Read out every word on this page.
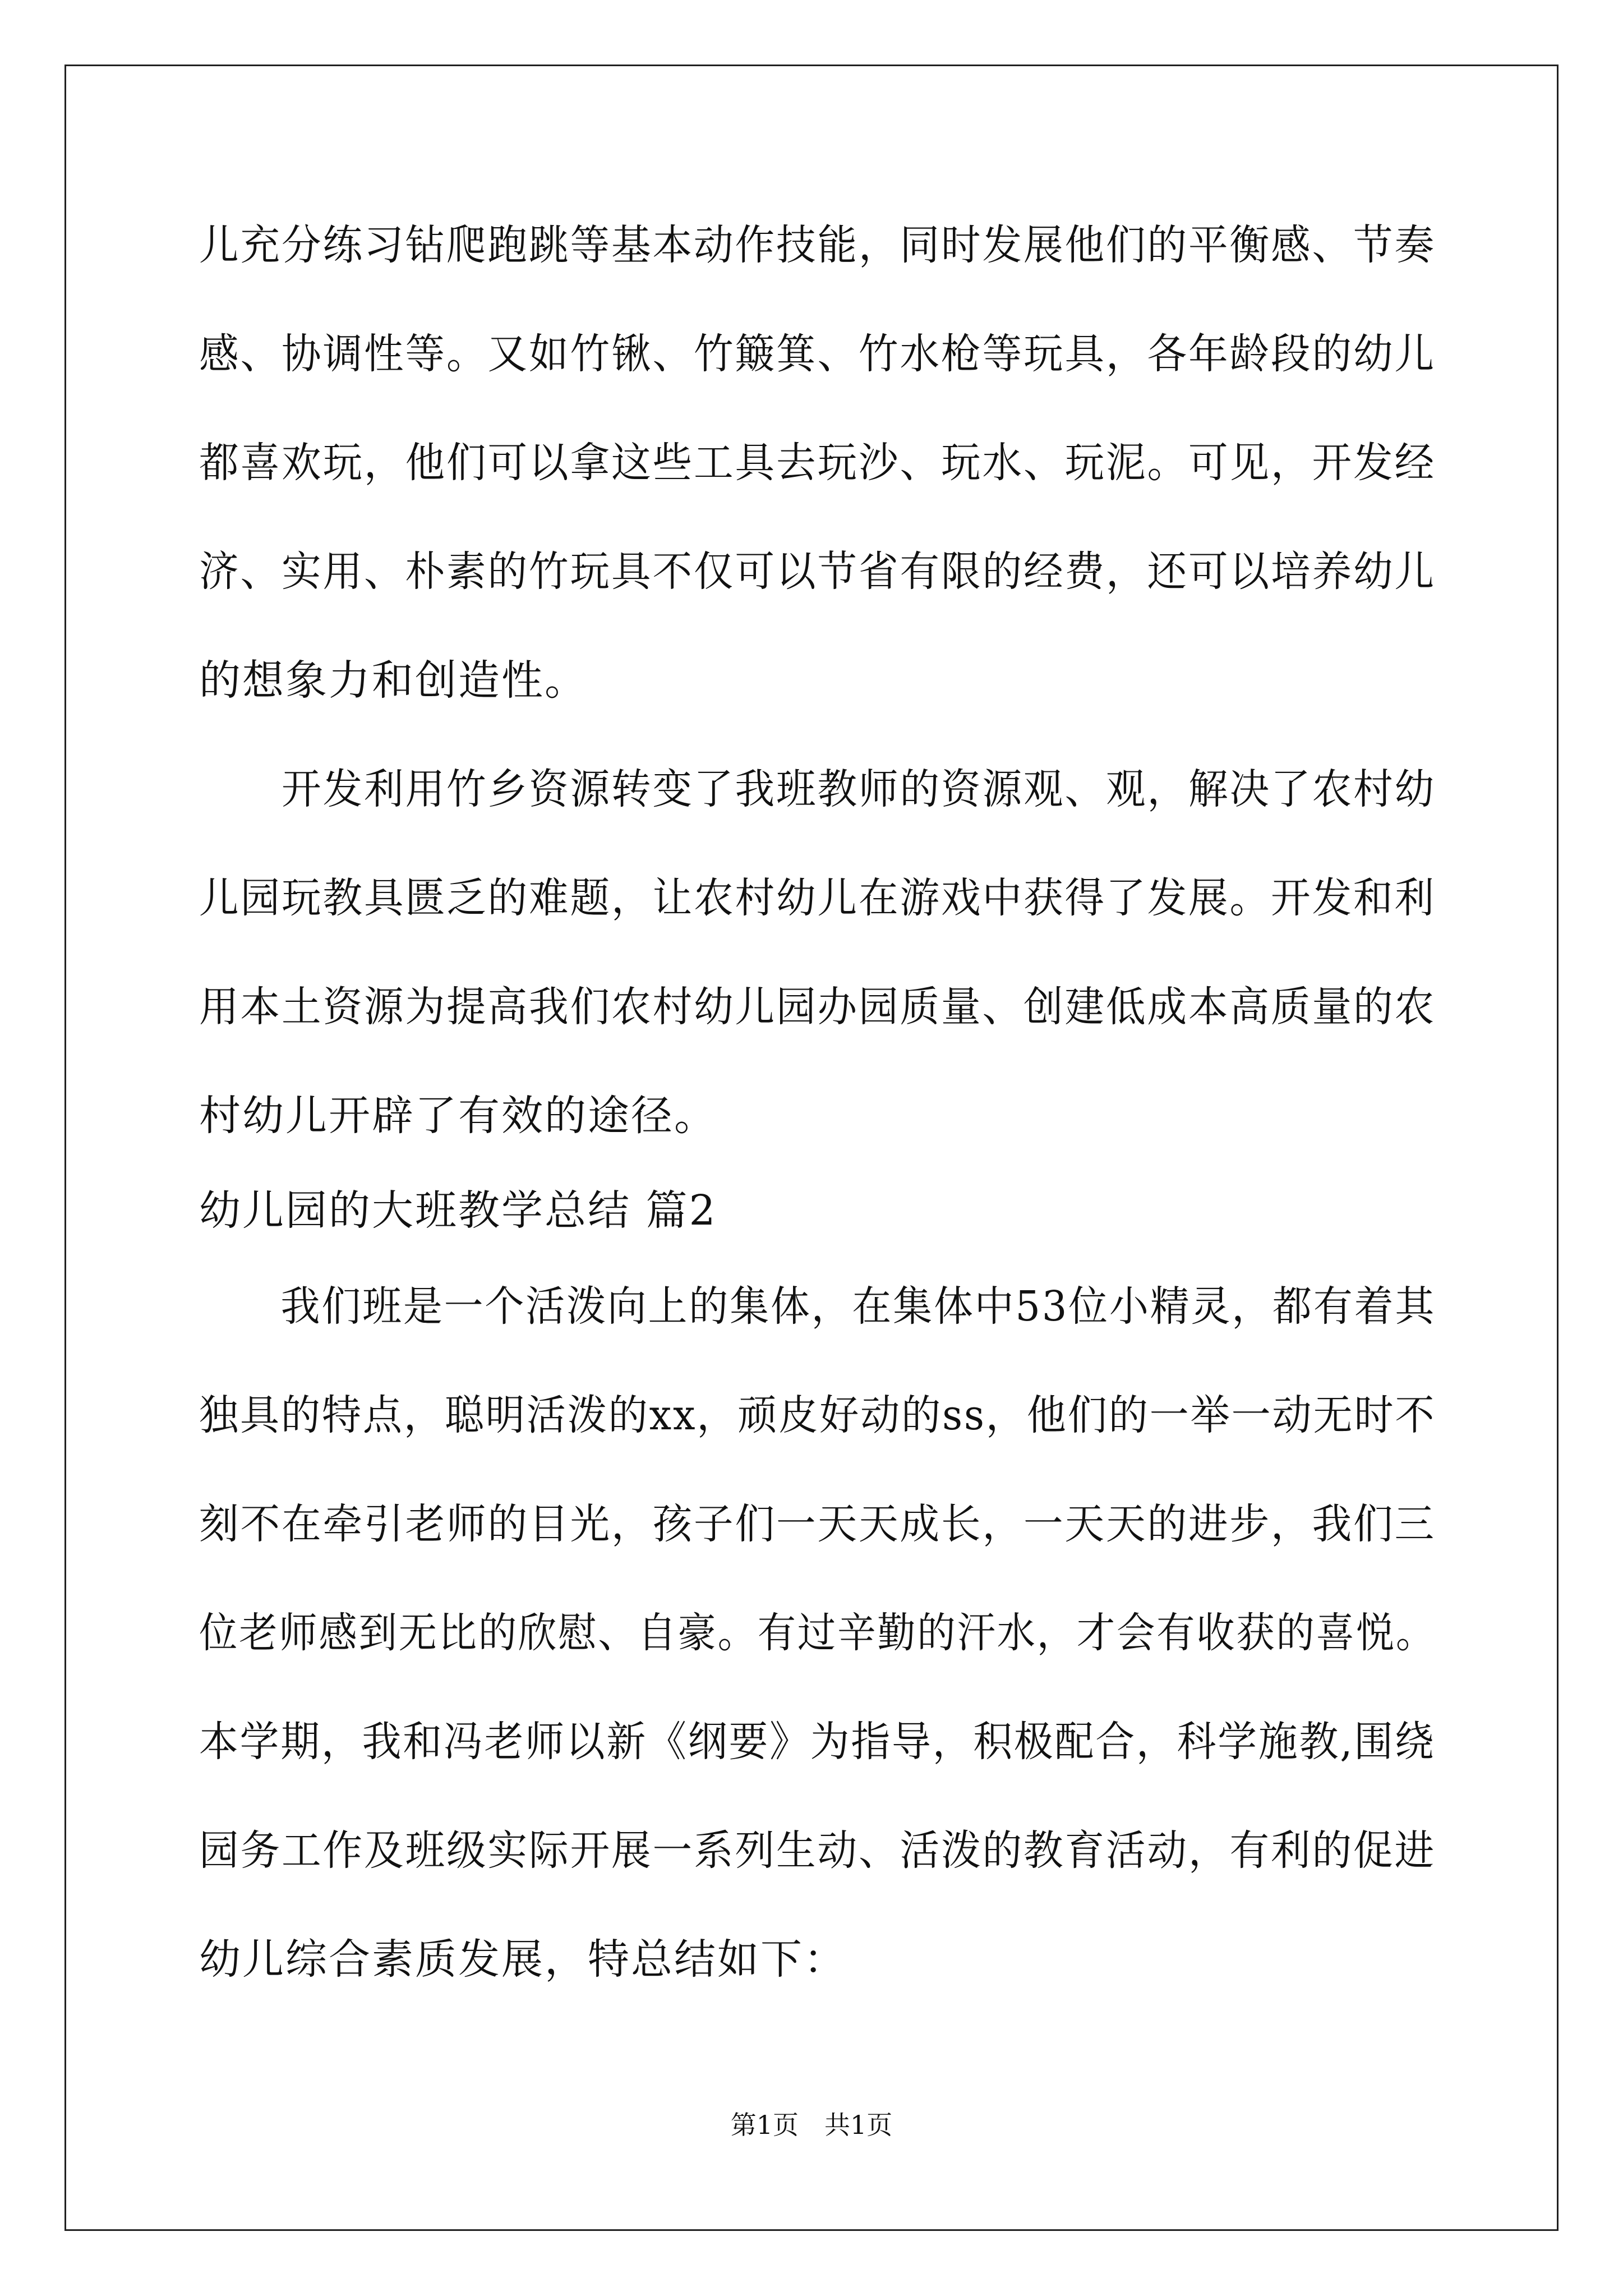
儿充分练习钻爬跑跳等基本动作技能，同时发展他们的平衡感、节奏
感、协调性等。又如竹锹、竹簸箕、竹水枪等玩具，各年龄段的幼儿
都喜欢玩，他们可以拿这些工具去玩沙、玩水、玩泥。可见，开发经
济、实用、朴素的竹玩具不仅可以节省有限的经费，还可以培养幼儿
的想象力和创造性。
　　开发利用竹乡资源转变了我班教师的资源观、观，解决了农村幼
儿园玩教具匮乏的难题，让农村幼儿在游戏中获得了发展。开发和利
用本土资源为提高我们农村幼儿园办园质量、创建低成本高质量的农
村幼儿开辟了有效的途径。
幼儿园的大班教学总结 篇2
　　我们班是一个活泼向上的集体，在集体中53位小精灵，都有着其
独具的特点，聪明活泼的xx，顽皮好动的ss，他们的一举一动无时不
刻不在牵引老师的目光，孩子们一天天成长，一天天的进步，我们三
位老师感到无比的欣慰、自豪。有过辛勤的汗水，才会有收获的喜悦。
本学期，我和冯老师以新《纲要》为指导，积极配合，科学施教,围绕
园务工作及班级实际开展一系列生动、活泼的教育活动，有利的促进
幼儿综合素质发展，特总结如下：
第1页　共1页
